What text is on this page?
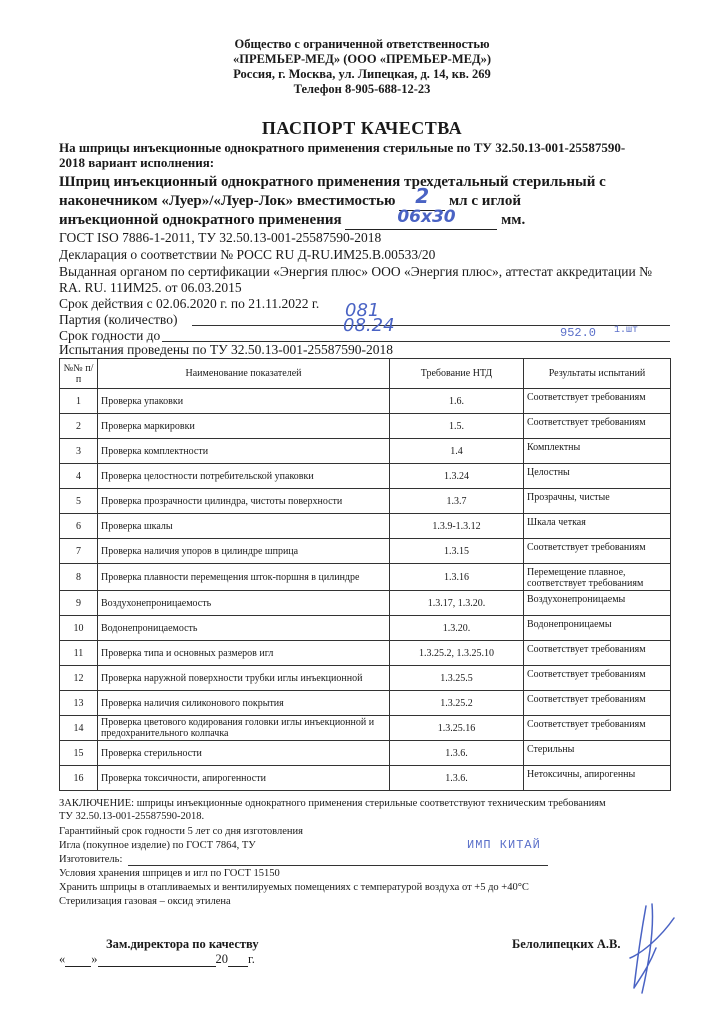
Общество с ограниченной ответственностью
«ПРЕМЬЕР-МЕД» (ООО «ПРЕМЬЕР-МЕД»)
Россия, г. Москва, ул. Липецкая, д. 14, кв. 269
Телефон 8-905-688-12-23
ПАСПОРТ КАЧЕСТВА
На шприцы инъекционные однократного применения стерильные по ТУ 32.50.13-001-25587590-
2018 вариант исполнения:
Шприц инъекционный однократного применения трехдетальный стерильный с
наконечником «Луер»/«Луер-Лок» вместимостью 2 мл с иглой
инъекционной однократного применения	06х30	мм.
ГОСТ ISO 7886-1-2011, ТУ 32.50.13-001-25587590-2018
Декларация о соответствии № РОСС RU Д-RU.ИМ25.В.00533/20
Выданная органом по сертификации «Энергия плюс» ООО «Энергия плюс», аттестат аккредитации №
RA. RU. 11ИМ25. от 06.03.2015
Срок действия с 02.06.2020 г. по 21.11.2022 г.
Партия (количество)	081
Срок годности до	08.24	952.0 1.шт
Испытания проведены по ТУ 32.50.13-001-25587590-2018
№№ п/п	Наименование показателей	Требование НТД	Результаты испытаний
1	Проверка упаковки	1.6.	Соответствует требованиям
2	Проверка маркировки	1.5.	Соответствует требованиям
3	Проверка комплектности	1.4	Комплектны
4	Проверка целостности потребительской упаковки	1.3.24	Целостны
5	Проверка прозрачности цилиндра, чистоты поверхности	1.3.7	Прозрачны, чистые
6	Проверка шкалы	1.3.9-1.3.12	Шкала четкая
7	Проверка наличия упоров в цилиндре шприца	1.3.15	Соответствует требованиям
8	Проверка плавности перемещения шток-поршня в цилиндре	1.3.16	Перемещение плавное, соответствует требованиям
9	Воздухонепроницаемость	1.3.17, 1.3.20.	Воздухонепроницаемы
10	Водонепроницаемость	1.3.20.	Водонепроницаемы
11	Проверка типа и основных размеров игл	1.3.25.2, 1.3.25.10	Соответствует требованиям
12	Проверка наружной поверхности трубки иглы инъекционной	1.3.25.5	Соответствует требованиям
13	Проверка наличия силиконового покрытия	1.3.25.2	Соответствует требованиям
14	Проверка цветового кодирования головки иглы инъекционной и предохранительного колпачка	1.3.25.16	Соответствует требованиям
15	Проверка стерильности	1.3.6.	Стерильны
16	Проверка токсичности, апирогенности	1.3.6.	Нетоксичны, апирогенны
ЗАКЛЮЧЕНИЕ: шприцы инъекционные однократного применения стерильные соответствуют техническим требованиям
ТУ 32.50.13-001-25587590-2018.
Гарантийный срок годности 5 лет со дня изготовления
Игла (покупное изделие) по ГОСТ 7864, ТУ	ИМП КИТАЙ
Изготовитель:
Условия хранения шприцев и игл по ГОСТ 15150
Хранить шприцы в отапливаемых и вентилируемых помещениях с температурой воздуха от +5 до +40°С
Стерилизация газовая – оксид этилена
Зам.директора по качеству	Белолипецких А.В.
« »	20 г.
